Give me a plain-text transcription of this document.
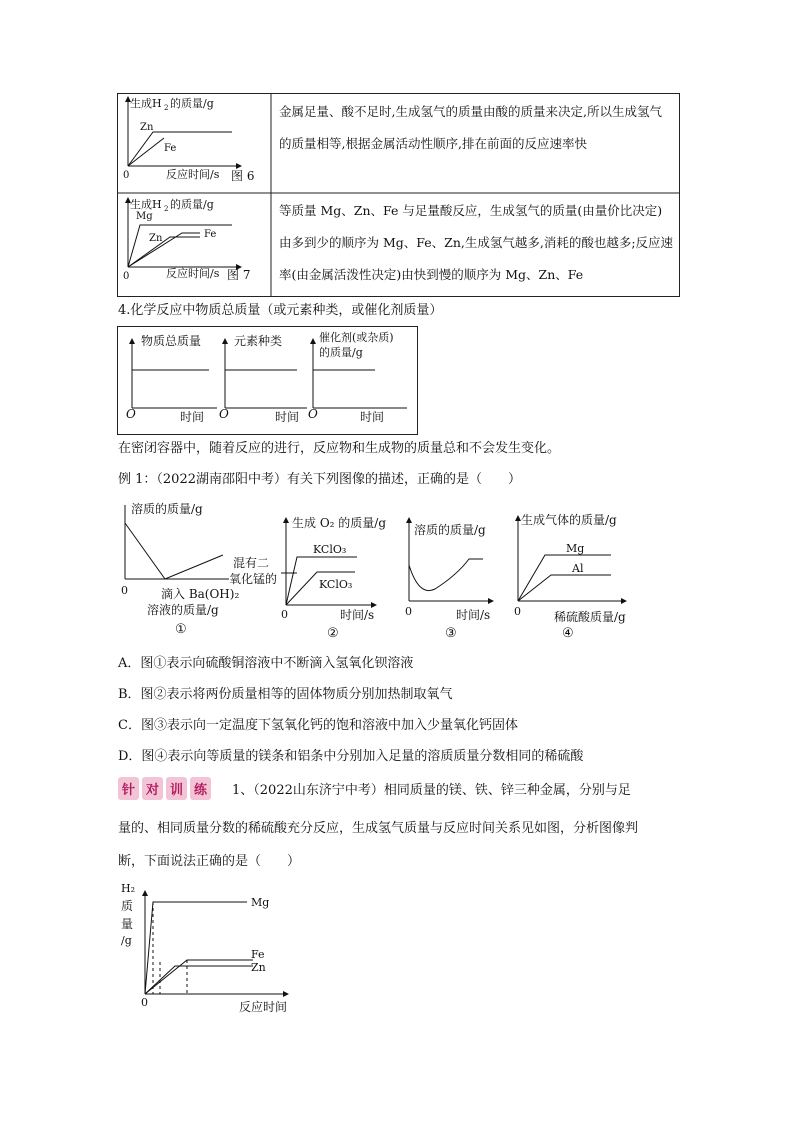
生成H 2 的质量/g
Zn
Fe
0	反应时间/s 图 6
金属足量、酸不足时,生成氢气的质量由酸的质量来决定,所以生成氢气的质量相等,根据金属活动性顺序,排在前面的反应速率快
生成H 2 的质量/g
Mg
Zn	Fe
0	反应时间/s 图 7
等质量 Mg、Zn、Fe 与足量酸反应，生成氢气的质量(由量价比决定)由多到少的顺序为 Mg、Fe、Zn,生成氢气越多,消耗的酸也越多;反应速率(由金属活泼性决定)由快到慢的顺序为 Mg、Zn、Fe
4.化学反应中物质总质量（或元素种类，或催化剂质量）
物质总质量
O	时间
元素种类
O	时间
催化剂(或杂质)
的质量/g
O	时间
在密闭容器中，随着反应的进行，反应物和生成物的质量总和不会发生变化。
例 1：（2022湖南邵阳中考）有关下列图像的描述，正确的是（　　）
溶质的质量/g
0	滴入 Ba(OH)₂
溶液的质量/g
①
生成 O₂ 的质量/g
KClO₃
KClO₃
混有二
氧化锰的
0	时间/s
②
溶质的质量/g
0	时间/s
③
生成气体的质量/g
Mg
Al
0	稀硫酸质量/g
④
A．图①表示向硫酸铜溶液中不断滴入氢氧化钡溶液
B．图②表示将两份质量相等的固体物质分别加热制取氧气
C．图③表示向一定温度下氢氧化钙的饱和溶液中加入少量氧化钙固体
D．图④表示向等质量的镁条和铝条中分别加入足量的溶质质量分数相同的稀硫酸
针 对 训 练	1、（2022山东济宁中考）相同质量的镁、铁、锌三种金属，分别与足
量的、相同质量分数的稀硫酸充分反应，生成氢气质量与反应时间关系见如图，分析图像判
断，下面说法正确的是（　　）
H₂
质
量
/g
Mg
Fe
Zn
0	反应时间
